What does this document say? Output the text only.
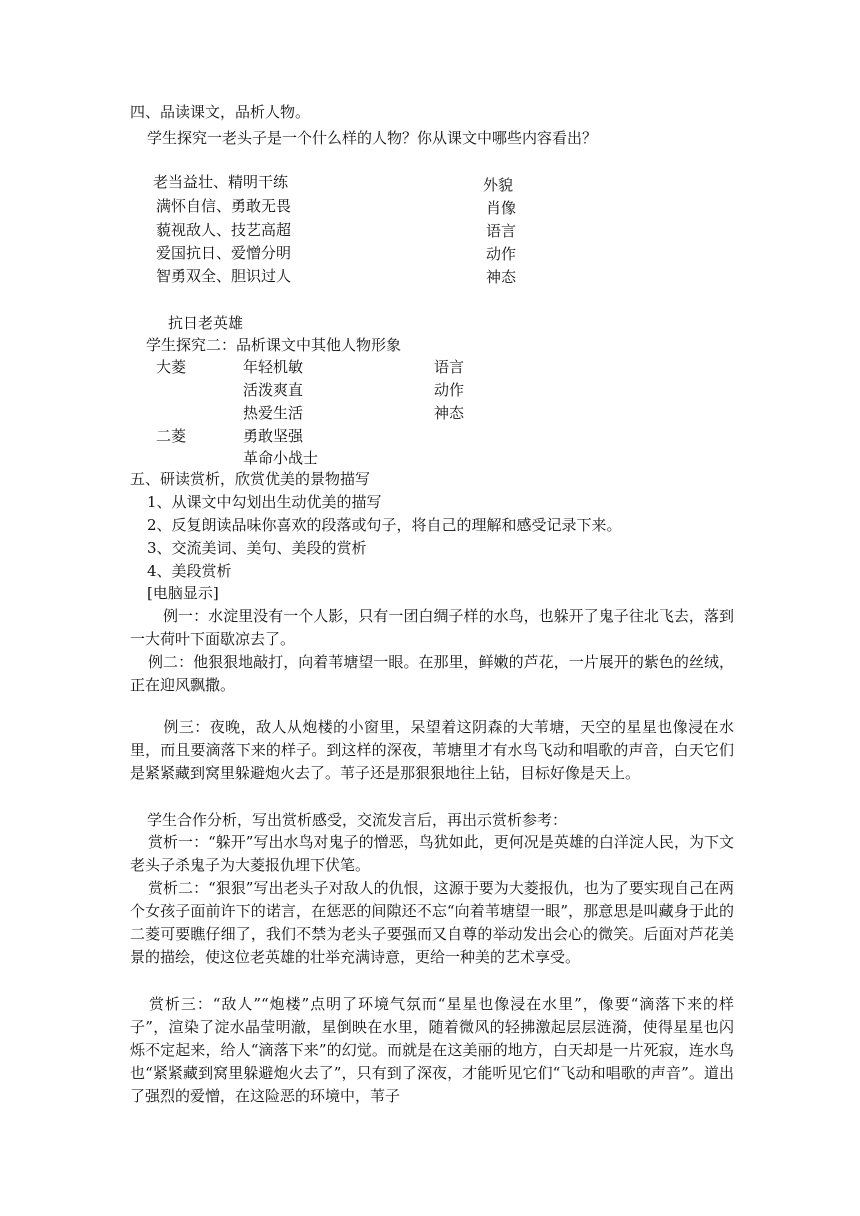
四、品读课文，品析人物。
学生探究一老头子是一个什么样的人物？你从课文中哪些内容看出？
老当益壮、精明干练
满怀自信、勇敢无畏
藐视敌人、技艺高超
爱国抗日、爱憎分明
智勇双全、胆识过人
外貌
肖像
语言
动作
神态
抗日老英雄
学生探究二：品析课文中其他人物形象
大菱	年轻机敏
活泼爽直
热爱生活
语言
动作
神态
二菱	勇敢坚强
革命小战士
五、研读赏析，欣赏优美的景物描写
1、从课文中勾划出生动优美的描写
2、反复朗读品味你喜欢的段落或句子，将自己的理解和感受记录下来。
3、交流美词、美句、美段的赏析
4、美段赏析
[电脑显示]
例一：水淀里没有一个人影，只有一团白绸子样的水鸟，也躲开了鬼子往北飞去，落到一大荷叶下面歇凉去了。
例二：他狠狠地敲打，向着苇塘望一眼。在那里，鲜嫩的芦花，一片展开的紫色的丝绒，正在迎风飘撒。
例三：夜晚，敌人从炮楼的小窗里，呆望着这阴森的大苇塘，天空的星星也像浸在水里，而且要滴落下来的样子。到这样的深夜，苇塘里才有水鸟飞动和唱歌的声音，白天它们是紧紧藏到窝里躲避炮火去了。苇子还是那狠狠地往上钻，目标好像是天上。
学生合作分析，写出赏析感受，交流发言后，再出示赏析参考：
赏析一：“躲开”写出水鸟对鬼子的憎恶，鸟犹如此，更何况是英雄的白洋淀人民，为下文老头子杀鬼子为大菱报仇埋下伏笔。
赏析二：“狠狠”写出老头子对敌人的仇恨，这源于要为大菱报仇，也为了要实现自己在两个女孩子面前许下的诺言，在惩恶的间隙还不忘“向着苇塘望一眼”，那意思是叫藏身于此的二菱可要瞧仔细了，我们不禁为老头子要强而又自尊的举动发出会心的微笑。后面对芦花美景的描绘，使这位老英雄的壮举充满诗意，更给一种美的艺术享受。
赏析三：“敌人”“炮楼”点明了环境气氛而“星星也像浸在水里”，像要“滴落下来的样子”，渲染了淀水晶莹明澈，星倒映在水里，随着微风的轻拂激起层层涟漪，使得星星也闪烁不定起来，给人“滴落下来”的幻觉。而就是在这美丽的地方，白天却是一片死寂，连水鸟也“紧紧藏到窝里躲避炮火去了”，只有到了深夜，才能听见它们“飞动和唱歌的声音”。道出了强烈的爱憎，在这险恶的环境中，苇子
